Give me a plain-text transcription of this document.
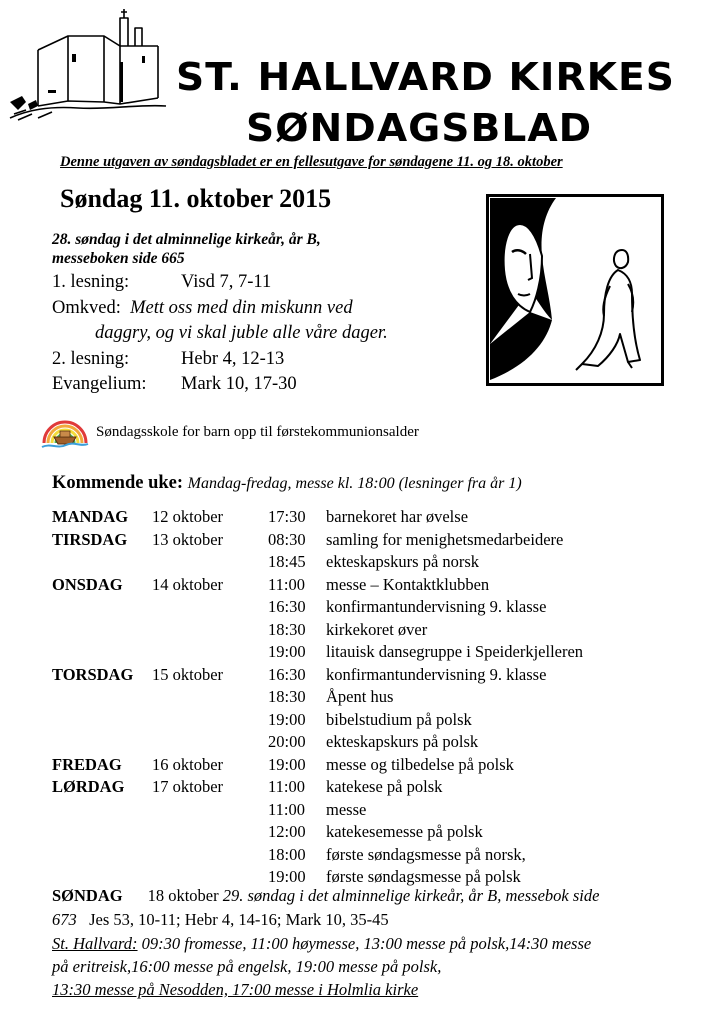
ST. HALLVARD KIRKES
SØNDAGSBLAD
Denne utgaven av søndagsbladet er en fellesutgave for søndagene 11. og 18. oktober
Søndag 11. oktober 2015
28. søndag i det alminnelige kirkeår, år B,
messeboken side 665
1. lesning:	Visd 7, 7-11
Omkved: Mett oss med din miskunn ved
daggry, og vi skal juble alle våre dager.
2. lesning:	Hebr 4, 12-13
Evangelium: Mark 10, 17-30
Søndagsskole for barn opp til førstekommunionsalder
Kommende uke: Mandag-fredag, messe kl. 18:00 (lesninger fra år 1)
MANDAG 12 oktober	17:30 barnekoret har øvelse
TIRSDAG 13 oktober	08:30 samling for menighetsmedarbeidere
18:45 ekteskapskurs på norsk
ONSDAG 14 oktober	11:00 messe – Kontaktklubben
16:30 konfirmantundervisning 9. klasse
18:30 kirkekoret øver
19:00 litauisk dansegruppe i Speiderkjelleren
TORSDAG 15 oktober	16:30 konfirmantundervisning 9. klasse
18:30 Åpent hus
19:00 bibelstudium på polsk
20:00 ekteskapskurs på polsk
FREDAG 16 oktober	19:00 messe og tilbedelse på polsk
LØRDAG 17 oktober	11:00 katekese på polsk
11:00 messe
12:00 katekesemesse på polsk
18:00 første søndagsmesse på norsk,
19:00 første søndagsmesse på polsk
SØNDAG 18 oktober 29. søndag i det alminnelige kirkeår, år B, messebok side
673 Jes 53, 10-11; Hebr 4, 14-16; Mark 10, 35-45
St. Hallvard: 09:30 fromesse, 11:00 høymesse, 13:00 messe på polsk,14:30 messe
på eritreisk,16:00 messe på engelsk, 19:00 messe på polsk,
13:30 messe på Nesodden, 17:00 messe i Holmlia kirke
